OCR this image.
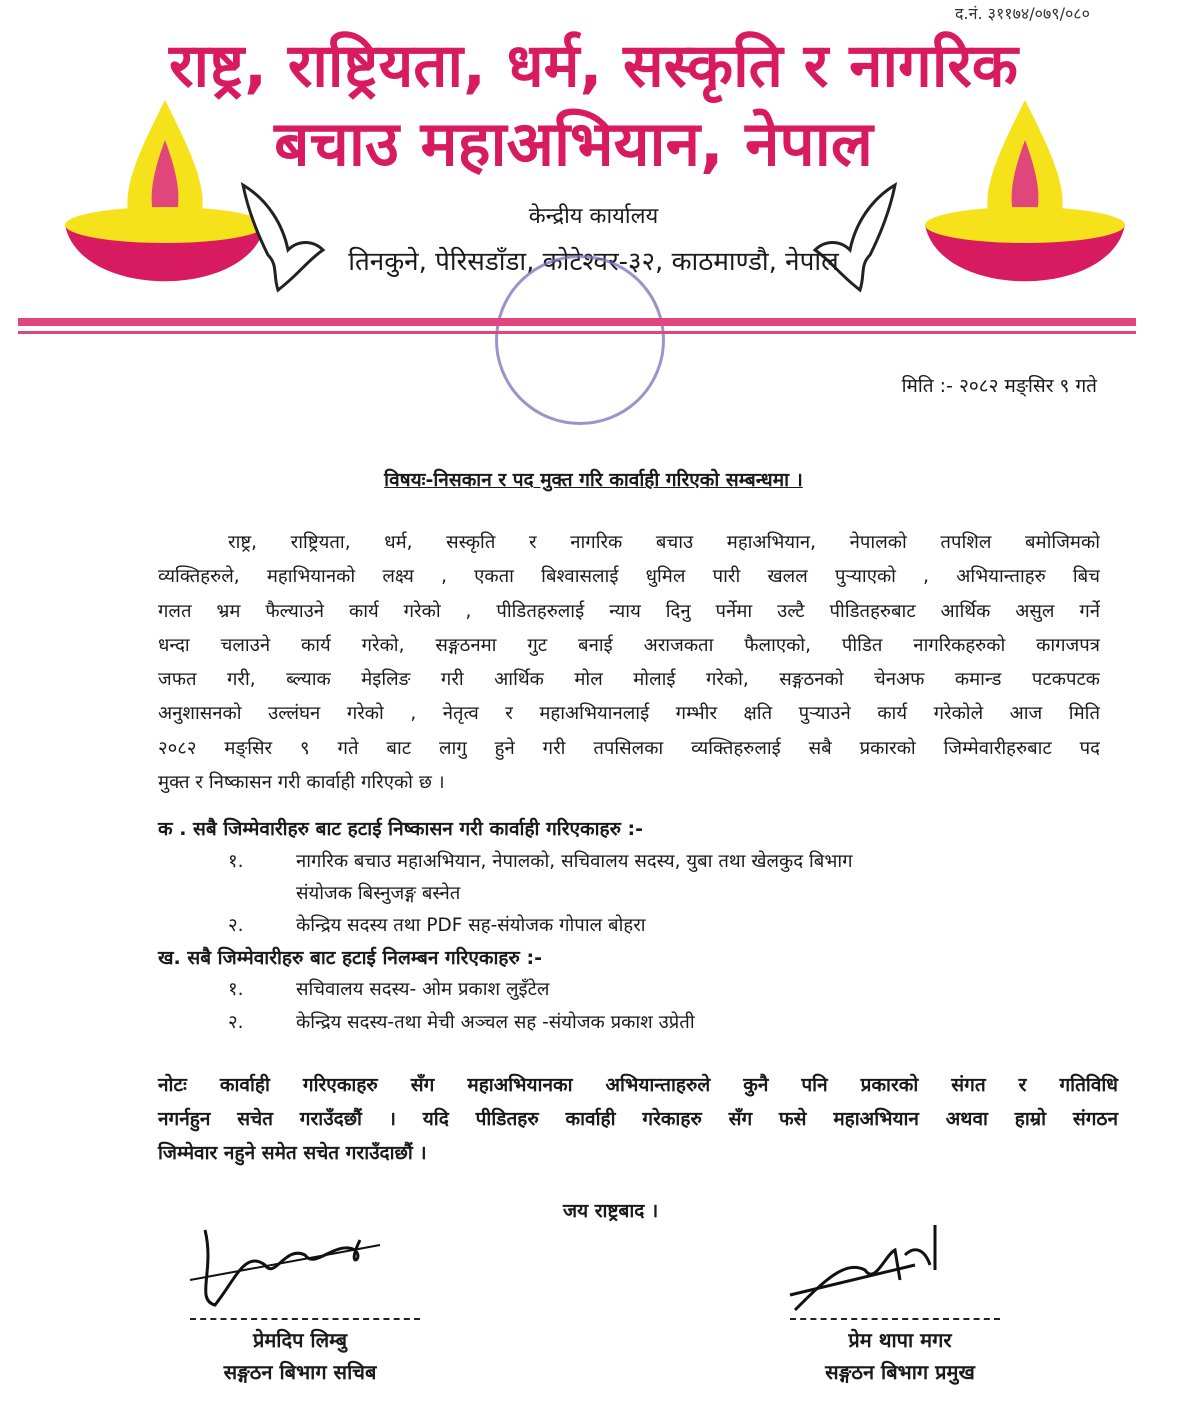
द.नं. ३११७४/०७९/०८०
राष्ट्र, राष्ट्रियता, धर्म, सस्कृति र नागरिक
बचाउ महाअभियान, नेपाल
केन्द्रीय कार्यालय
तिनकुने, पेरिसडाँडा, कोटेश्वर-३२, काठमाण्डौ, नेपाल
मिति :- २०८२ मङ्सिर ९ गते
विषयः-निसकान र पद मुक्त गरि कार्वाही गरिएको सम्बन्धमा ।
राष्ट्र, राष्ट्रियता, धर्म, सस्कृति र नागरिक बचाउ महाअभियान, नेपालको तपशिल बमोजिमको
व्यक्तिहरुले, महाभियानको लक्ष्य , एकता बिश्वासलाई धुमिल पारी खलल पुऱ्याएको , अभियान्ताहरु बिच
गलत भ्रम फैल्याउने कार्य गरेको , पीडितहरुलाई न्याय दिनु पर्नेमा उल्टै पीडितहरुबाट आर्थिक असुल गर्ने
धन्दा चलाउने कार्य गरेको, सङ्गठनमा गुट बनाई अराजकता फैलाएको, पीडित नागरिकहरुको कागजपत्र
जफत गरी, ब्ल्याक मेइलिङ गरी आर्थिक मोल मोलाई गरेको, सङ्गठनको चेनअफ कमान्ड पटकपटक
अनुशासनको उल्लंघन गरेको , नेतृत्व र महाअभियानलाई गम्भीर क्षति पुऱ्याउने कार्य गरेकोले आज मिति
२०८२ मङ्सिर ९ गते बाट लागु हुने गरी तपसिलका व्यक्तिहरुलाई सबै प्रकारको जिम्मेवारीहरुबाट पद
मुक्त र निष्कासन गरी कार्वाही गरिएको छ ।
क . सबै जिम्मेवारीहरु बाट हटाई निष्कासन गरी कार्वाही गरिएकाहरु :-
१.	नागरिक बचाउ महाअभियान, नेपालको, सचिवालय सदस्य, युबा तथा खेलकुद बिभाग
संयोजक बिस्नुजङ्ग बस्नेत
२.	केन्द्रिय सदस्य तथा PDF सह-संयोजक गोपाल बोहरा
ख. सबै जिम्मेवारीहरु बाट हटाई निलम्बन गरिएकाहरु :-
१.	सचिवालय सदस्य- ओम प्रकाश लुइँटेल
२.	केन्द्रिय सदस्य-तथा मेची अञ्चल सह -संयोजक प्रकाश उप्रेती
नोटः कार्वाही गरिएकाहरु सँग महाअभियानका अभियान्ताहरुले कुनै पनि प्रकारको संगत र गतिविधि
नगर्नहुन सचेत गराउँदछौं । यदि पीडितहरु कार्वाही गरेकाहरु सँग फसे महाअभियान अथवा हाम्रो संगठन
जिम्मेवार नहुने समेत सचेत गराउँदाछौं ।
जय राष्ट्रबाद ।
प्रेमदिप लिम्बु
सङ्गठन बिभाग सचिब
प्रेम थापा मगर
सङ्गठन बिभाग प्रमुख
